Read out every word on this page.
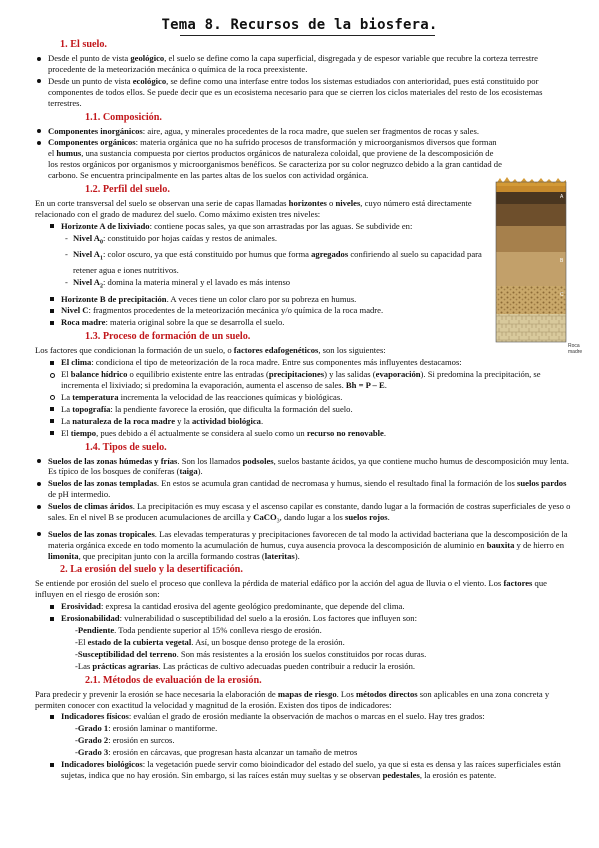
Tema 8. Recursos de la biosfera.
A
B
C
Roca madre
1. El suelo.
Desde el punto de vista geológico, el suelo se define como la capa superficial, disgregada y de espesor variable que recubre la corteza terrestre procedente de la meteorización mecánica o química de la roca preexistente.
Desde un punto de vista ecológico, se define como una interfase entre todos los sistemas estudiados con anterioridad, pues está constituido por componentes de todos ellos. Se puede decir que es un ecosistema necesario para que se cierren los ciclos materiales del resto de los ecosistemas terrestres.
1.1. Composición.
Componentes inorgánicos: aire, agua, y minerales procedentes de la roca madre, que suelen ser fragmentos de rocas y sales.
Componentes orgánicos: materia orgánica que no ha sufrido procesos de transformación y microorganismos diversos que forman el humus, una sustancia compuesta por ciertos productos orgánicos de naturaleza coloidal, que proviene de la descomposición de los restos orgánicos por organismos y microorganismos benéficos. Se caracteriza por su color negruzco debido a la gran cantidad de carbono. Se encuentra principalmente en las partes altas de los suelos con actividad orgánica.
1.2. Perfil del suelo.

En un corte transversal del suelo se observan una serie de capas llamadas horizontes o niveles, cuyo número está directamente relacionado con el grado de madurez del suelo. Como máximo existen tres niveles:

Horizonte A de lixiviado: contiene pocas sales, ya que son arrastradas por las aguas. Se subdivide en:
- Nivel $A_0$: constituido por hojas caídas y restos de animales.
- Nivel $A_1$: color oscuro, ya que está constituido por humus que forma agregados confiriendo al suelo su capacidad para retener agua e iones nutritivos.
- Nivel $A_2$: domina la materia mineral y el lavado es más intenso
Horizonte B de precipitación. A veces tiene un color claro por su pobreza en humus.
Nivel C: fragmentos procedentes de la meteorización mecánica y/o química de la roca madre.
Roca madre: materia original sobre la que se desarrolla el suelo.
1.3. Proceso de formación de un suelo.

Los factores que condicionan la formación de un suelo, o factores edafogenéticos, son los siguientes:

El clima: condiciona el tipo de meteorización de la roca madre. Entre sus componentes más influyentes destacamos:
El balance hídrico o equilibrio existente entre las entradas (precipitaciones) y las salidas (evaporación). Si predomina la precipitación, se incrementa el lixiviado; si predomina la evaporación, aumenta el ascenso de sales. Bh = P – E.
La temperatura incrementa la velocidad de las reacciones químicas y biológicas.
La topografía: la pendiente favorece la erosión, que dificulta la formación del suelo.
La naturaleza de la roca madre y la actividad biológica.
El tiempo, pues debido a él actualmente se considera al suelo como un recurso no renovable.
1.4. Tipos de suelo.
Suelos de las zonas húmedas y frías. Son los llamados podsoles, suelos bastante ácidos, ya que contiene mucho humus de descomposición muy lenta. Es típico de los bosques de coníferas (taiga).
Suelos de las zonas templadas. En estos se acumula gran cantidad de necromasa y humus, siendo el resultado final la formación de los suelos pardos de pH intermedio.
Suelos de climas áridos. La precipitación es muy escasa y el ascenso capilar es constante, dando lugar a la formación de costras superficiales de yeso o sales. En el nivel B se producen acumulaciones de arcilla y CaCO$_3$, dando lugar a los suelos rojos.
Suelos de las zonas tropicales. Las elevadas temperaturas y precipitaciones favorecen de tal modo la actividad bacteriana que la descomposición de la materia orgánica excede en todo momento la acumulación de humus, cuya ausencia provoca la descomposición de aluminio en bauxita y de hierro en limonita, que precipitan junto con la arcilla formando costras (lateritas).
2. La erosión del suelo y la desertificación.

Se entiende por erosión del suelo el proceso que conlleva la pérdida de material edáfico por la acción del agua de lluvia o el viento. Los factores que influyen en el riesgo de erosión son:

Erosividad: expresa la cantidad erosiva del agente geológico predominante, que depende del clima.
Erosionabilidad: vulnerabilidad o susceptibilidad del suelo a la erosión. Los factores que influyen son:

-Pendiente. Toda pendiente superior al 15% conlleva riesgo de erosión.

-El estado de la cubierta vegetal. Así, un bosque denso protege de la erosión.

-Susceptibilidad del terreno. Son más resistentes a la erosión los suelos constituidos por rocas duras.

-Las prácticas agrarias. Las prácticas de cultivo adecuadas pueden contribuir a reducir la erosión.

2.1. Métodos de evaluación de la erosión.

Para predecir y prevenir la erosión se hace necesaria la elaboración de mapas de riesgo. Los métodos directos son aplicables en una zona concreta y permiten conocer con exactitud la velocidad y magnitud de la erosión. Existen dos tipos de indicadores:

Indicadores físicos: evalúan el grado de erosión mediante la observación de machos o marcas en el suelo. Hay tres grados:

-Grado 1: erosión laminar o mantiforme.

-Grado 2: erosión en surcos.

-Grado 3: erosión en cárcavas, que progresan hasta alcanzar un tamaño de metros

Indicadores biológicos: la vegetación puede servir como bioindicador del estado del suelo, ya que si esta es densa y las raíces superficiales están sujetas, indica que no hay erosión. Sin embargo, si las raíces están muy sueltas y se observan pedestales, la erosión es patente.
